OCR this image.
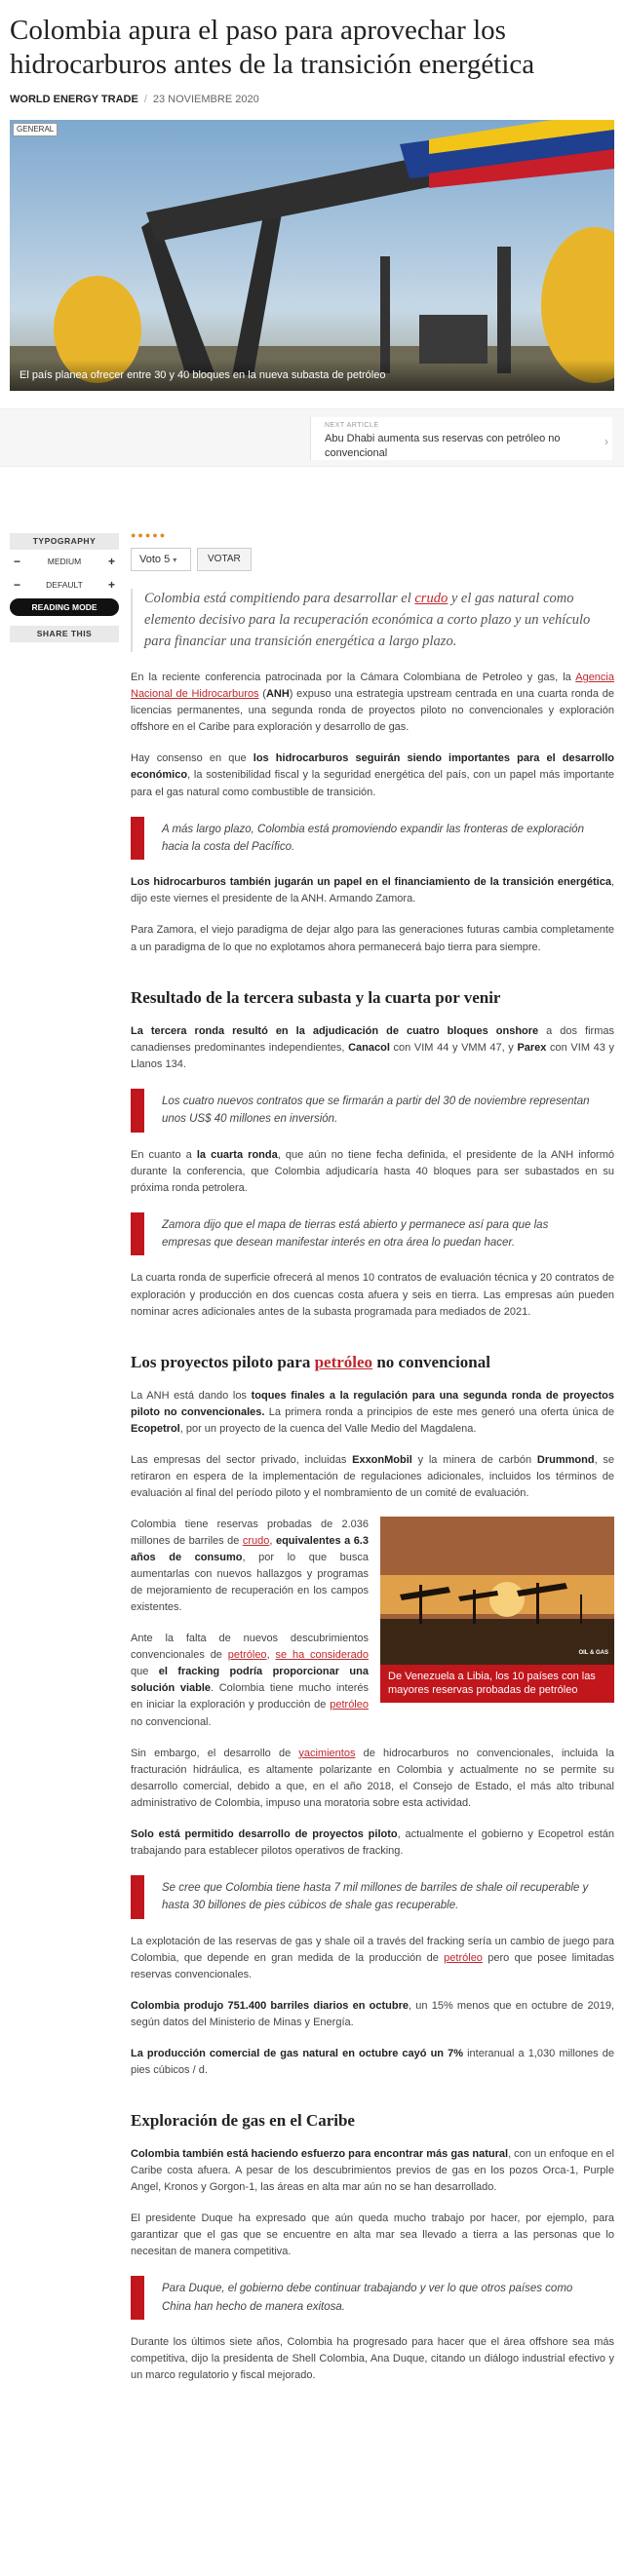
Colombia apura el paso para aprovechar los hidrocarburos antes de la transición energética
WORLD ENERGY TRADE / 23 NOVIEMBRE 2020
GENERAL
El país planea ofrecer entre 30 y 40 bloques en la nueva subasta de petróleo
NEXT ARTICLE
Abu Dhabi aumenta sus reservas con petróleo no convencional
›
TYPOGRAPHY
−	MEDIUM +
−	DEFAULT +
READING MODE
SHARE THIS
●●●●●
Voto 5 ▾	VOTAR
Colombia está compitiendo para desarrollar el crudo y el gas natural como elemento decisivo para la recuperación económica a corto plazo y un vehículo para financiar una transición energética a largo plazo.

En la reciente conferencia patrocinada por la Cámara Colombiana de Petroleo y gas, la Agencia Nacional de Hidrocarburos (ANH) expuso una estrategia upstream centrada en una cuarta ronda de licencias permanentes, una segunda ronda de proyectos piloto no convencionales y exploración offshore en el Caribe para exploración y desarrollo de gas.

Hay consenso en que los hidrocarburos seguirán siendo importantes para el desarrollo económico, la sostenibilidad fiscal y la seguridad energética del país, con un papel más importante para el gas natural como combustible de transición.

A más largo plazo, Colombia está promoviendo expandir las fronteras de exploración hacia la costa del Pacífico.

Los hidrocarburos también jugarán un papel en el financiamiento de la transición energética, dijo este viernes el presidente de la ANH. Armando Zamora.

Para Zamora, el viejo paradigma de dejar algo para las generaciones futuras cambia completamente a un paradigma de lo que no explotamos ahora permanecerá bajo tierra para siempre.

Resultado de la tercera subasta y la cuarta por venir

La tercera ronda resultó en la adjudicación de cuatro bloques onshore a dos firmas canadienses predominantes independientes, Canacol con VIM 44 y VMM 47, y Parex con VIM 43 y Llanos 134.

Los cuatro nuevos contratos que se firmarán a partir del 30 de noviembre representan unos US$ 40 millones en inversión.

En cuanto a la cuarta ronda, que aún no tiene fecha definida, el presidente de la ANH informó durante la conferencia, que Colombia adjudicaría hasta 40 bloques para ser subastados en su próxima ronda petrolera.

Zamora dijo que el mapa de tierras está abierto y permanece así para que las empresas que desean manifestar interés en otra área lo puedan hacer.

La cuarta ronda de superficie ofrecerá al menos 10 contratos de evaluación técnica y 20 contratos de exploración y producción en dos cuencas costa afuera y seis en tierra. Las empresas aún pueden nominar acres adicionales antes de la subasta programada para mediados de 2021.

Los proyectos piloto para petróleo no convencional

La ANH está dando los toques finales a la regulación para una segunda ronda de proyectos piloto no convencionales. La primera ronda a principios de este mes generó una oferta única de Ecopetrol, por un proyecto de la cuenca del Valle Medio del Magdalena.

Las empresas del sector privado, incluidas ExxonMobil y la minera de carbón Drummond, se retiraron en espera de la implementación de regulaciones adicionales, incluidos los términos de evaluación al final del período piloto y el nombramiento de un comité de evaluación.

OIL & GAS
De Venezuela a Libia, los 10 países con las mayores reservas probadas de petróleo

Colombia tiene reservas probadas de 2.036 millones de barriles de crudo, equivalentes a 6.3 años de consumo, por lo que busca aumentarlas con nuevos hallazgos y programas de mejoramiento de recuperación en los campos existentes.

Ante la falta de nuevos descubrimientos convencionales de petróleo, se ha considerado que el fracking podría proporcionar una solución viable. Colombia tiene mucho interés en iniciar la exploración y producción de petróleo no convencional.

Sin embargo, el desarrollo de yacimientos de hidrocarburos no convencionales, incluida la fracturación hidráulica, es altamente polarizante en Colombia y actualmente no se permite su desarrollo comercial, debido a que, en el año 2018, el Consejo de Estado, el más alto tribunal administrativo de Colombia, impuso una moratoria sobre esta actividad.

Solo está permitido desarrollo de proyectos piloto, actualmente el gobierno y Ecopetrol están trabajando para establecer pilotos operativos de fracking.

Se cree que Colombia tiene hasta 7 mil millones de barriles de shale oil recuperable y hasta 30 billones de pies cúbicos de shale gas recuperable.

La explotación de las reservas de gas y shale oil a través del fracking sería un cambio de juego para Colombia, que depende en gran medida de la producción de petróleo pero que posee limitadas reservas convencionales.

Colombia produjo 751.400 barriles diarios en octubre, un 15% menos que en octubre de 2019, según datos del Ministerio de Minas y Energía.

La producción comercial de gas natural en octubre cayó un 7% interanual a 1,030 millones de pies cúbicos / d.

Exploración de gas en el Caribe

Colombia también está haciendo esfuerzo para encontrar más gas natural, con un enfoque en el Caribe costa afuera. A pesar de los descubrimientos previos de gas en los pozos Orca-1, Purple Angel, Kronos y Gorgon-1, las áreas en alta mar aún no se han desarrollado.

El presidente Duque ha expresado que aún queda mucho trabajo por hacer, por ejemplo, para garantizar que el gas que se encuentre en alta mar sea llevado a tierra a las personas que lo necesitan de manera competitiva.

Para Duque, el gobierno debe continuar trabajando y ver lo que otros países como China han hecho de manera exitosa.

Durante los últimos siete años, Colombia ha progresado para hacer que el área offshore sea más competitiva, dijo la presidenta de Shell Colombia, Ana Duque, citando un diálogo industrial efectivo y un marco regulatorio y fiscal mejorado.
